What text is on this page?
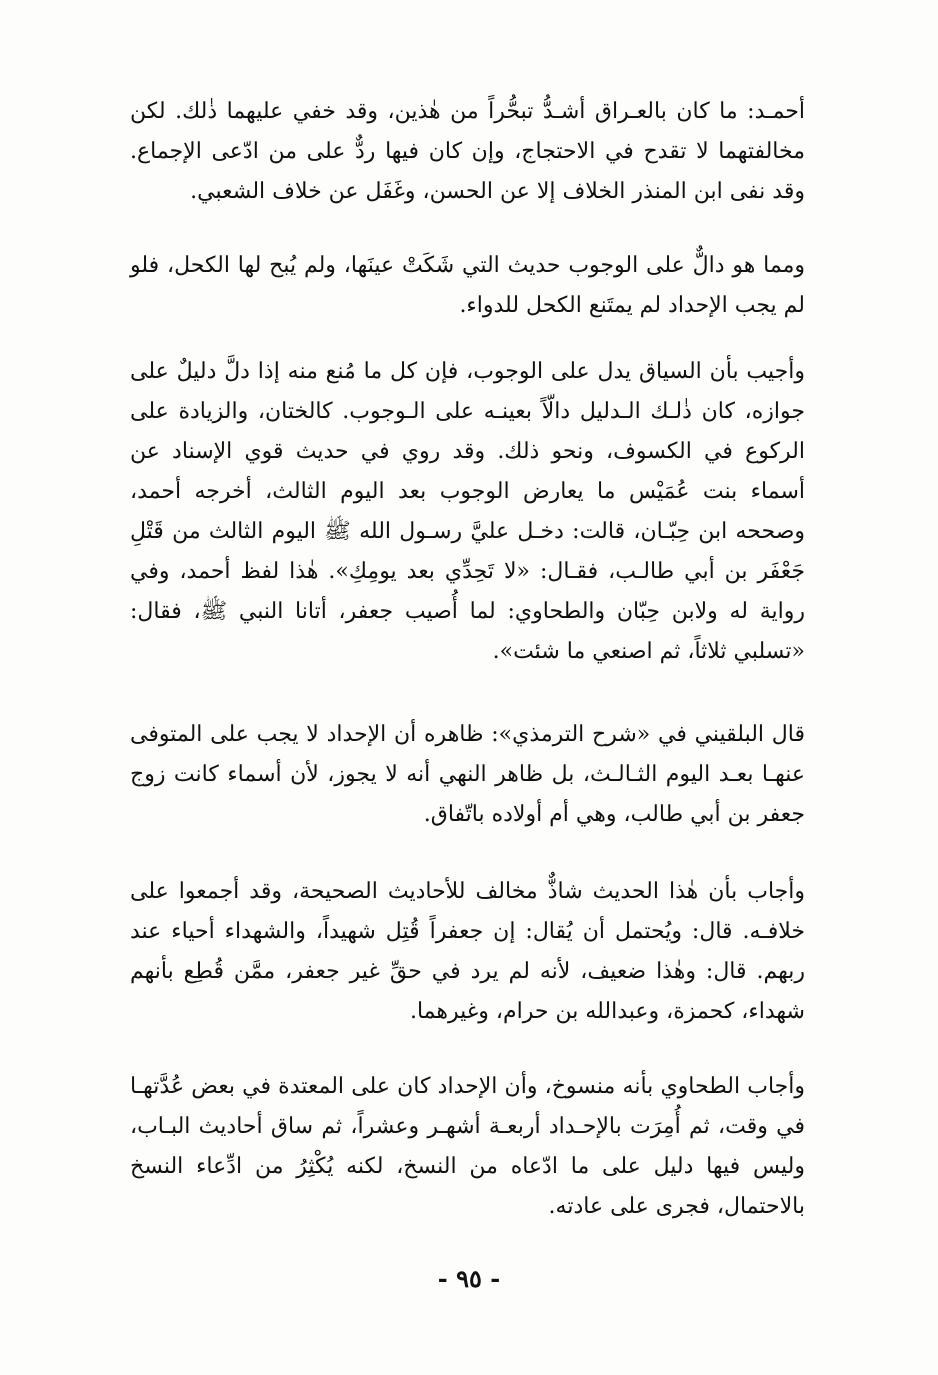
أحمـد: ما كان بالعـراق أشـدُّ تبحُّراً من هٰذين، وقد خفي عليهما ذٰلك. لكن مخالفتهما لا تقدح في الاحتجاج، وإن كان فيها ردٌّ على من ادّعى الإجماع. وقد نفى ابن المنذر الخلاف إلا عن الحسن، وغَفَل عن خلاف الشعبي.

ومما هو دالٌّ على الوجوب حديث التي شَكَتْ عينَها، ولم يُبح لها الكحل، فلو لم يجب الإحداد لم يمتَنع الكحل للدواء.

وأجيب بأن السياق يدل على الوجوب، فإن كل ما مُنع منه إذا دلَّ دليلٌ على جوازه، كان ذٰلـك الـدليل دالّاً بعينـه على الـوجوب. كالختان، والزيادة على الركوع في الكسوف، ونحو ذلك. وقد روي في حديث قوي الإسناد عن أسماء بنت عُمَيْس ما يعارض الوجوب بعد اليوم الثالث، أخرجه أحمد، وصححه ابن حِبّـان، قالت: دخـل عليَّ رسـول الله ﷺ اليوم الثالث من قَتْلِ جَعْفَر بن أبي طالـب، فقـال: «لا تَحِدِّي بعد يومِكِ». هٰذا لفظ أحمد، وفي رواية له ولابن حِبّان والطحاوي: لما أُصيب جعفر، أتانا النبي ﷺ، فقال: «تسلبي ثلاثاً، ثم اصنعي ما شئت».

قال البلقيني في «شرح الترمذي»: ظاهره أن الإحداد لا يجب على المتوفى عنهـا بعـد اليوم الثـالـث، بل ظاهر النهي أنه لا يجوز، لأن أسماء كانت زوج جعفر بن أبي طالب، وهي أم أولاده باتّفاق.

وأجاب بأن هٰذا الحديث شاذٌّ مخالف للأحاديث الصحيحة، وقد أجمعوا على خلافـه. قال: ويُحتمل أن يُقال: إن جعفراً قُتِل شهيداً، والشهداء أحياء عند ربهم. قال: وهٰذا ضعيف، لأنه لم يرد في حقِّ غير جعفر، ممَّن قُطِع بأنهم شهداء، كحمزة، وعبدالله بن حرام، وغيرهما.

وأجاب الطحاوي بأنه منسوخ، وأن الإحداد كان على المعتدة في بعض عُدَّتهـا في وقت، ثم أُمِرَت بالإحـداد أربعـة أشهـر وعشراً، ثم ساق أحاديث البـاب، وليس فيها دليل على ما ادّعاه من النسخ، لكنه يُكْثِرُ من ادِّعاء النسخ بالاحتمال، فجرى على عادته.

- ٩٥ -
